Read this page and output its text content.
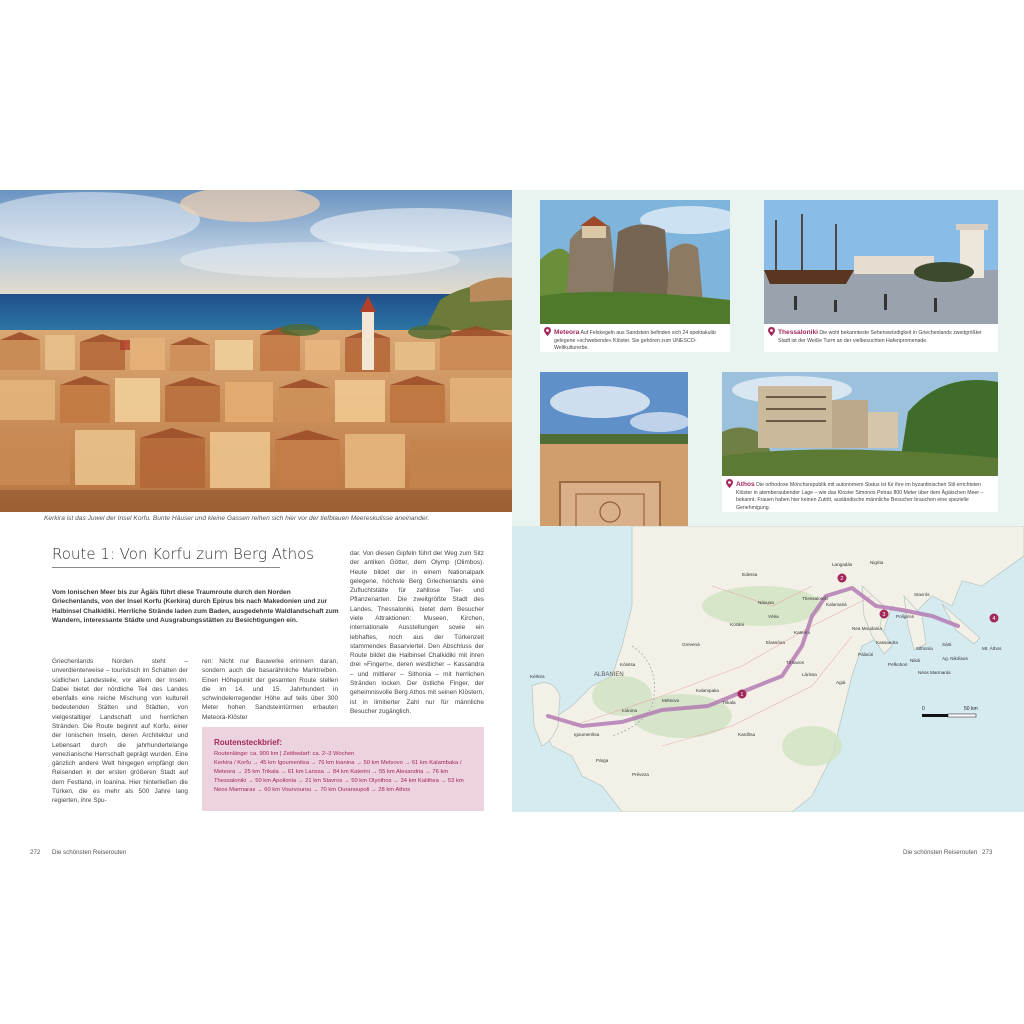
Kerkira ist das Juwel der Insel Korfu. Bunte Häuser und kleine Gassen reihen sich hier vor der tiefblauen Meereskulisse aneinander.
Route 1: Von Korfu zum Berg Athos
Vom Ionischen Meer bis zur Ägäis führt diese Traumroute durch den Norden Griechenlands, von der Insel Korfu (Kerkira) durch Epirus bis nach Makedonien und zur Halbinsel Chalkidiki. Herrliche Strände laden zum Baden, ausgedehnte Waldlandschaft zum Wandern, interessante Städte und Ausgrabungsstätten zu Besichtigungen ein.
Griechenlands Norden steht – unverdienterweise – touristisch im Schatten der südlichen Landesteile, vor allem der Inseln. Dabei bietet der nördliche Teil des Landes ebenfalls eine reiche Mischung von kulturell bedeutenden Stätten und Städten, von vielgestaltiger Landschaft und herrlichen Stränden. Die Route beginnt auf Korfu, einer der Ionischen Inseln, deren Architektur und Lebensart durch die jahrhundertelange venezianische Herrschaft geprägt wurden. Eine gänzlich andere Welt hingegen empfängt den Reisenden in der ersten größeren Stadt auf dem Festland, in Ioanina. Hier hinterließen die Türken, die es mehr als 500 Jahre lang regierten, ihre Spu-
ren: Nicht nur Bauwerke erinnern daran, sondern auch die basarähnliche Marktreiben. Einen Höhepunkt der gesamten Route stellen die im 14. und 15. Jahrhundert in schwindelerregender Höhe auf teils über 300 Meter hohen Sandsteintürmen erbauten Meteora-Klöster
dar. Von diesen Gipfeln führt der Weg zum Sitz der antiken Götter, dem Olymp (Olimbos). Heute bildet der in einem Nationalpark gelegene, höchste Berg Griechenlands eine Zufluchtstätte für zahllose Tier- und Pflanzenarten. Die zweitgrößte Stadt des Landes, Thessaloniki, bietet dem Besucher viele Attraktionen: Museen, Kirchen, internationale Ausstellungen sowie ein lebhaftes, noch aus der Türkenzeit stammendes Basarviertel. Den Abschluss der Route bildet die Halbinsel Chalkidiki mit ihren drei »Fingern«, deren westlicher – Kassandra – und mittlerer – Sithonia – mit herrlichen Stränden locken. Der östliche Finger, der geheimnisvolle Berg Athos mit seinen Klöstern, ist in limitierter Zahl nur für männliche Besucher zugänglich.
Routensteckbrief:
Routenlänge: ca. 900 km | Zeitbedarf: ca. 2–3 Wochen
Kerkira / Korfu → 45 km Igoumenitsa → 76 km Ioanina → 50 km Metsovo → 61 km Kalambaka / Meteora → 25 km Trikala → 61 km Larissa → 84 km Katerini → 55 km Alexandria → 76 km Thessaloniki → 50 km Apollonia → 21 km Stavros → 50 km Olynthos → 34 km Kalithea → 53 km Neos Marmaras → 60 km Vourvourou → 70 km Ouranoupoli → 28 km Athos
Meteora Auf Felskegeln aus Sandstein befinden sich 24 spektakulär gelegene »schwebende« Klöster. Sie gehören zum UNESCO-Weltkulturerbe.
Thessaloniki Die wohl bekannteste Sehenswürdigkeit in Griechenlands zweitgrößter Stadt ist der Weiße Turm an der vielbesuchten Hafenpromenade.
Athos Die orthodoxe Mönchsrepublik mit autonomem Status ist für ihre im byzantinischen Stil errichteten Klöster in atemberaubender Lage – wie das Kloster Simonos Petras 800 Meter über dem Ägäischen Meer – bekannt. Frauen haben hier keinen Zutritt, ausländische männliche Besucher brauchen eine spezielle Genehmigung.
0	50 km
ALBANIEN
Edessa
Nigrita
Langadás
Thessaloníki
Náousa
Véria
Kateríni
Kassandra
Sithonía
Lárissa
Trikala
Kalampaka
Ioánina
Kérkira
Igoumenítsa
Métsovo
Tírnavos
Kardítsa
Agiá
Polígiros
Stavrós
Nea Moudania
Pálioúri
Kozáni
Grevená
Kónitsa
Préveza
Párga
Elassóna
Pefkohori
Nikiti
Néos Marmarás
Sárti
Ag. Nikólaos
Mt. Áthos
Kalamariá
1
2
3
4
272 Die schönsten Reiserouten	Die schönsten Reiserouten 273
